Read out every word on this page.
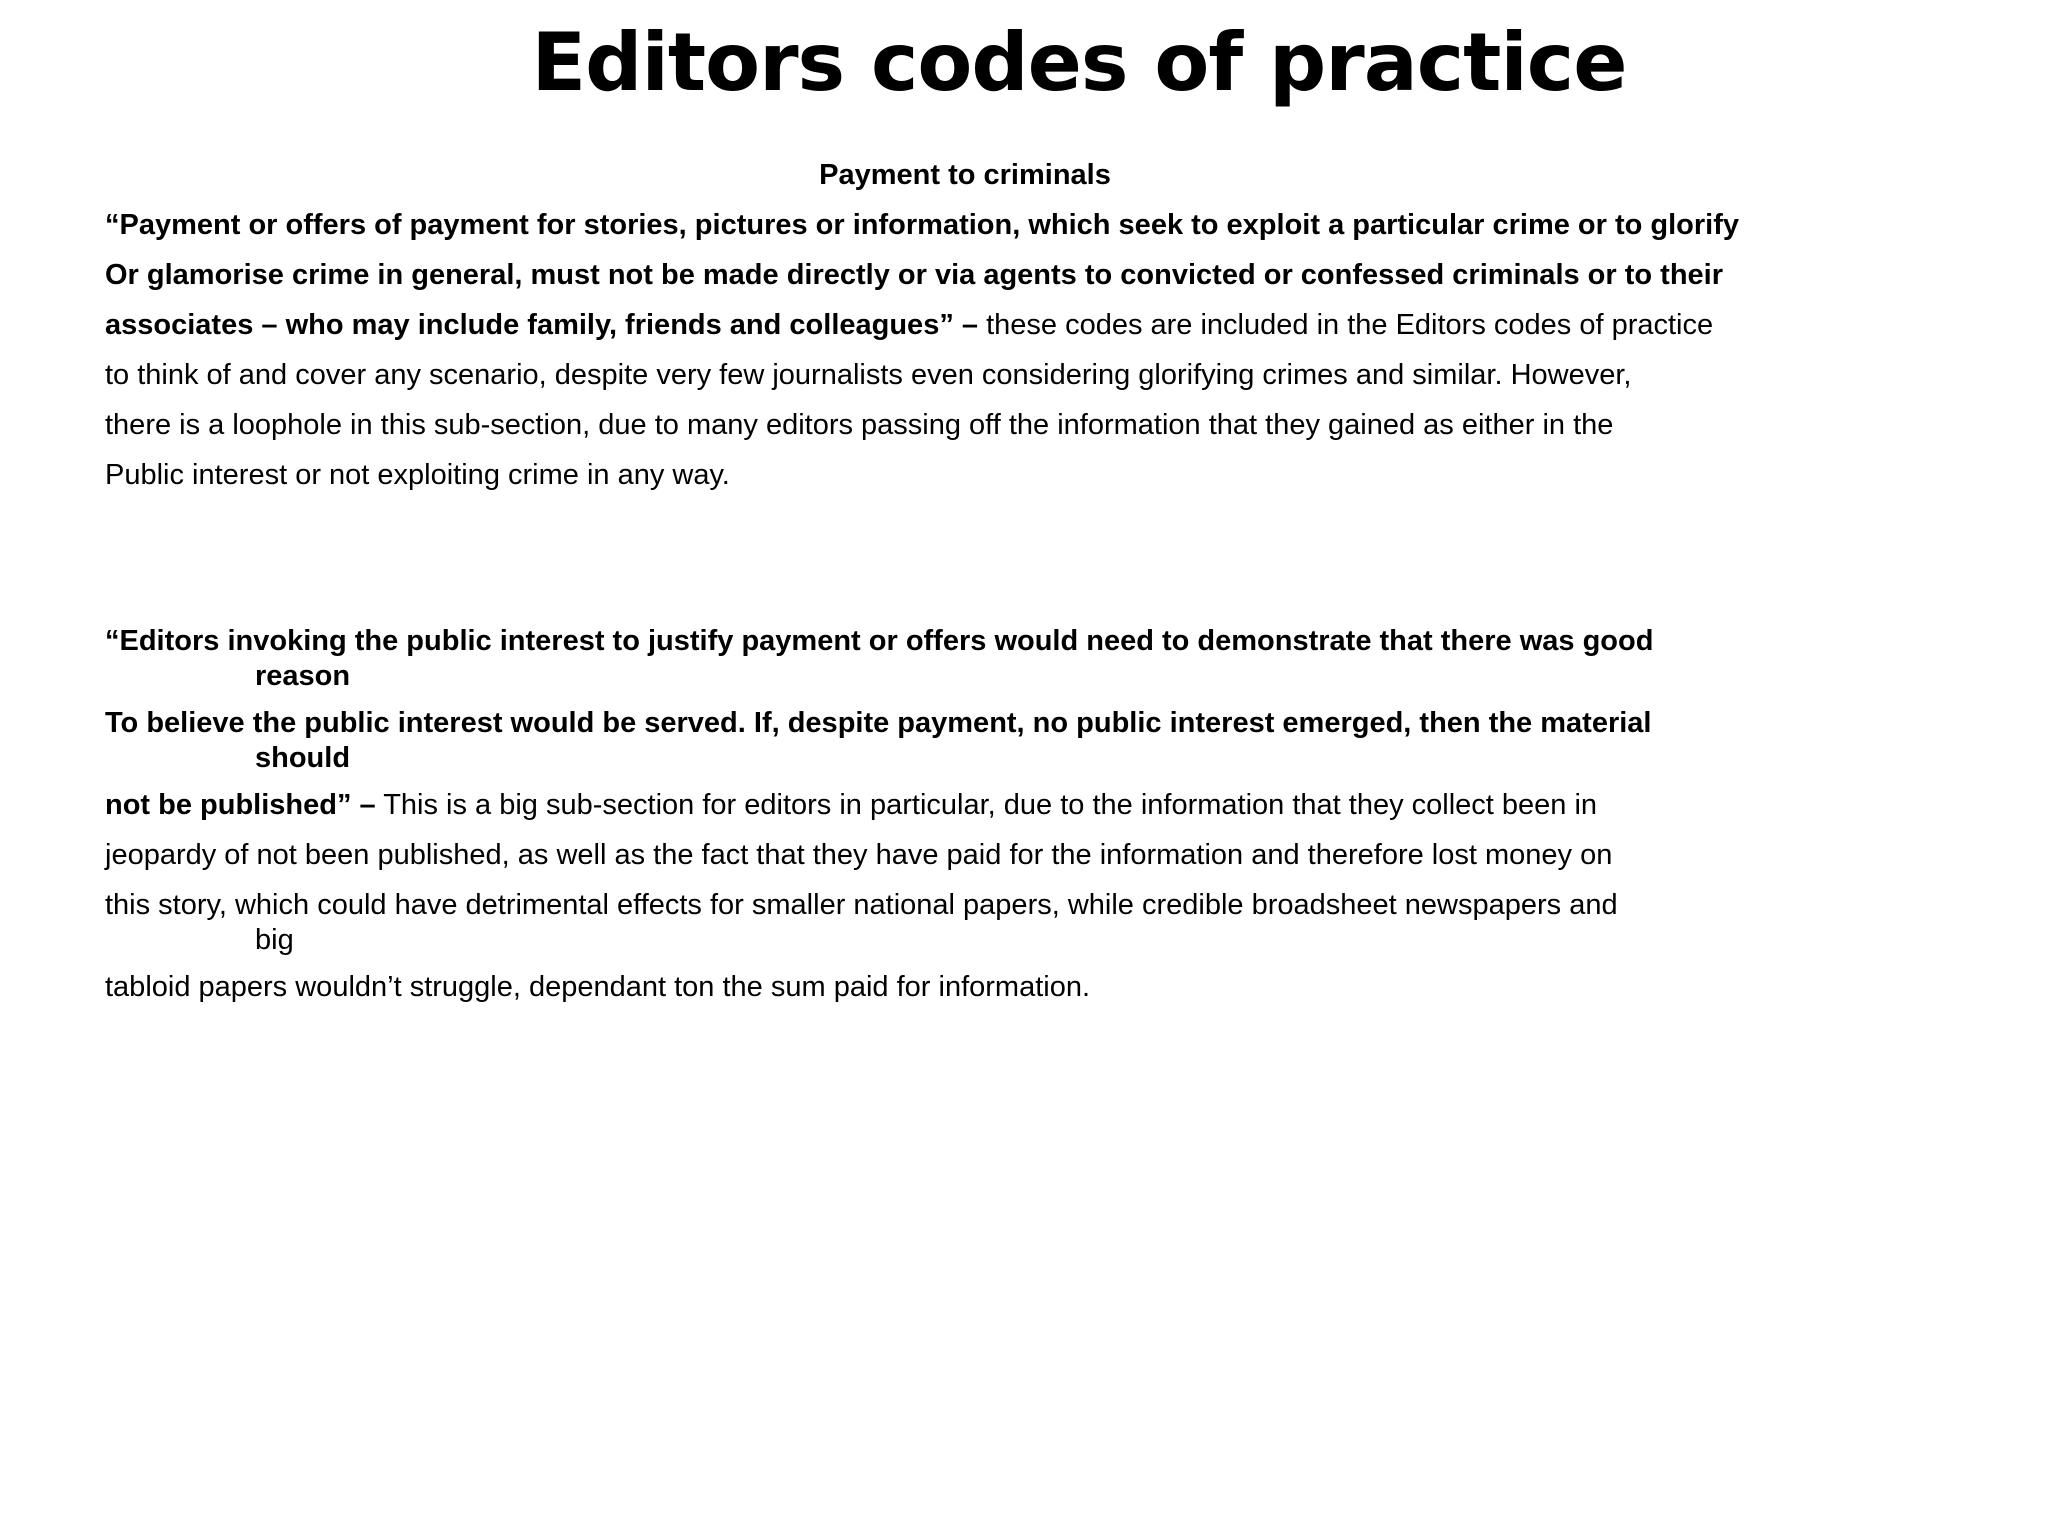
Editors codes of practice
Payment to criminals
“Payment or offers of payment for stories, pictures or information, which seek to exploit a particular crime or to glorify
Or glamorise crime in general, must not be made directly or via agents to convicted or confessed criminals or to their
associates – who may include family, friends and colleagues” – these codes are included in the Editors codes of practice
to think of and cover any scenario, despite very few journalists even considering glorifying crimes and similar. However,
there is a loophole in this sub-section, due to many editors passing off the information that they gained as either in the
Public interest or not exploiting crime in any way.
“Editors invoking the public interest to justify payment or offers would need to demonstrate that there was good
reason
To believe the public interest would be served. If, despite payment, no public interest emerged, then the material
should
not be published” – This is a big sub-section for editors in particular, due to the information that they collect been in
jeopardy of not been published, as well as the fact that they have paid for the information and therefore lost money on
this story, which could have detrimental effects for smaller national papers, while credible broadsheet newspapers and
big
tabloid papers wouldn’t struggle, dependant ton the sum paid for information.
